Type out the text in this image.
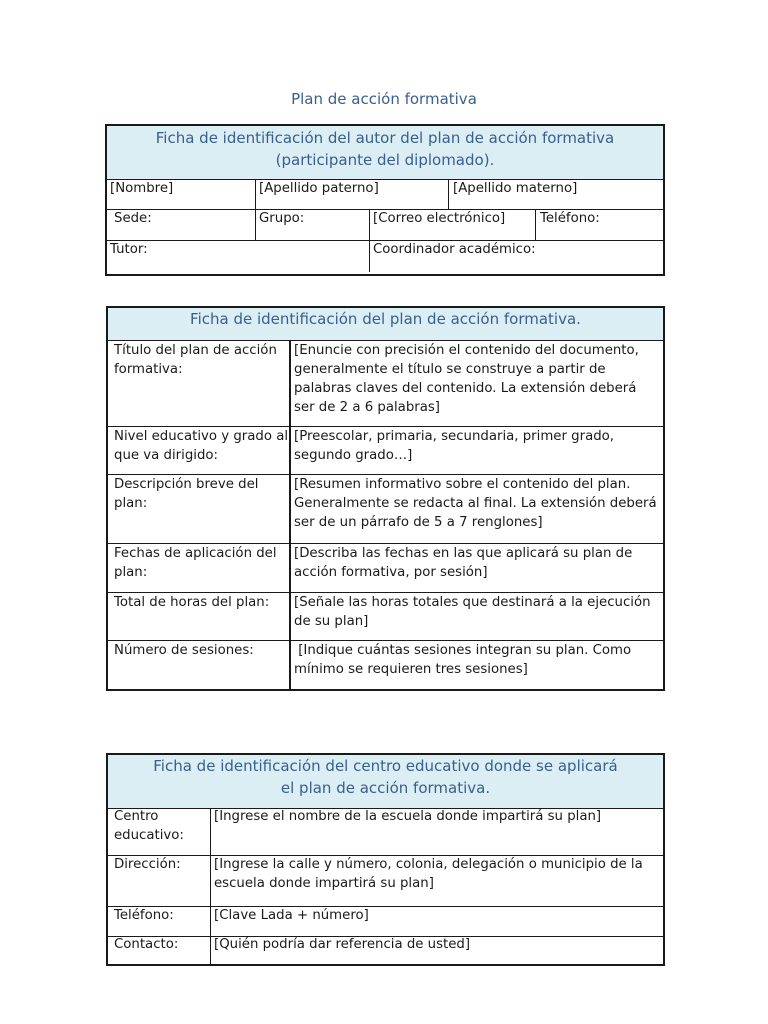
Plan de acción formativa
Ficha de identificación del autor del plan de acción formativa
(participante del diplomado).
[Nombre]	[Apellido paterno]	[Apellido materno]
Sede:	Grupo:	[Correo electrónico]	Teléfono:
Tutor:	Coordinador académico:
Ficha de identificación del plan de acción formativa.
Título del plan de acción formativa:
[Enuncie con precisión el contenido del documento, generalmente el título se construye a partir de palabras claves del contenido. La extensión deberá ser de 2 a 6 palabras]
Nivel educativo y grado al que va dirigido:
[Preescolar, primaria, secundaria, primer grado, segundo grado…]
Descripción breve del plan:
[Resumen informativo sobre el contenido del plan. Generalmente se redacta al final. La extensión deberá ser de un párrafo de 5 a 7 renglones]
Fechas de aplicación del plan:
[Describa las fechas en las que aplicará su plan de acción formativa, por sesión]
Total de horas del plan:	[Señale las horas totales que destinará a la ejecución de su plan]
Número de sesiones:	[Indique cuántas sesiones integran su plan. Como mínimo se requieren tres sesiones]
Ficha de identificación del centro educativo donde se aplicará
el plan de acción formativa.
Centro educativo:
[Ingrese el nombre de la escuela donde impartirá su plan]
Dirección:	[Ingrese la calle y número, colonia, delegación o municipio de la escuela donde impartirá su plan]
Teléfono:	[Clave Lada + número]
Contacto:	[Quién podría dar referencia de usted]
